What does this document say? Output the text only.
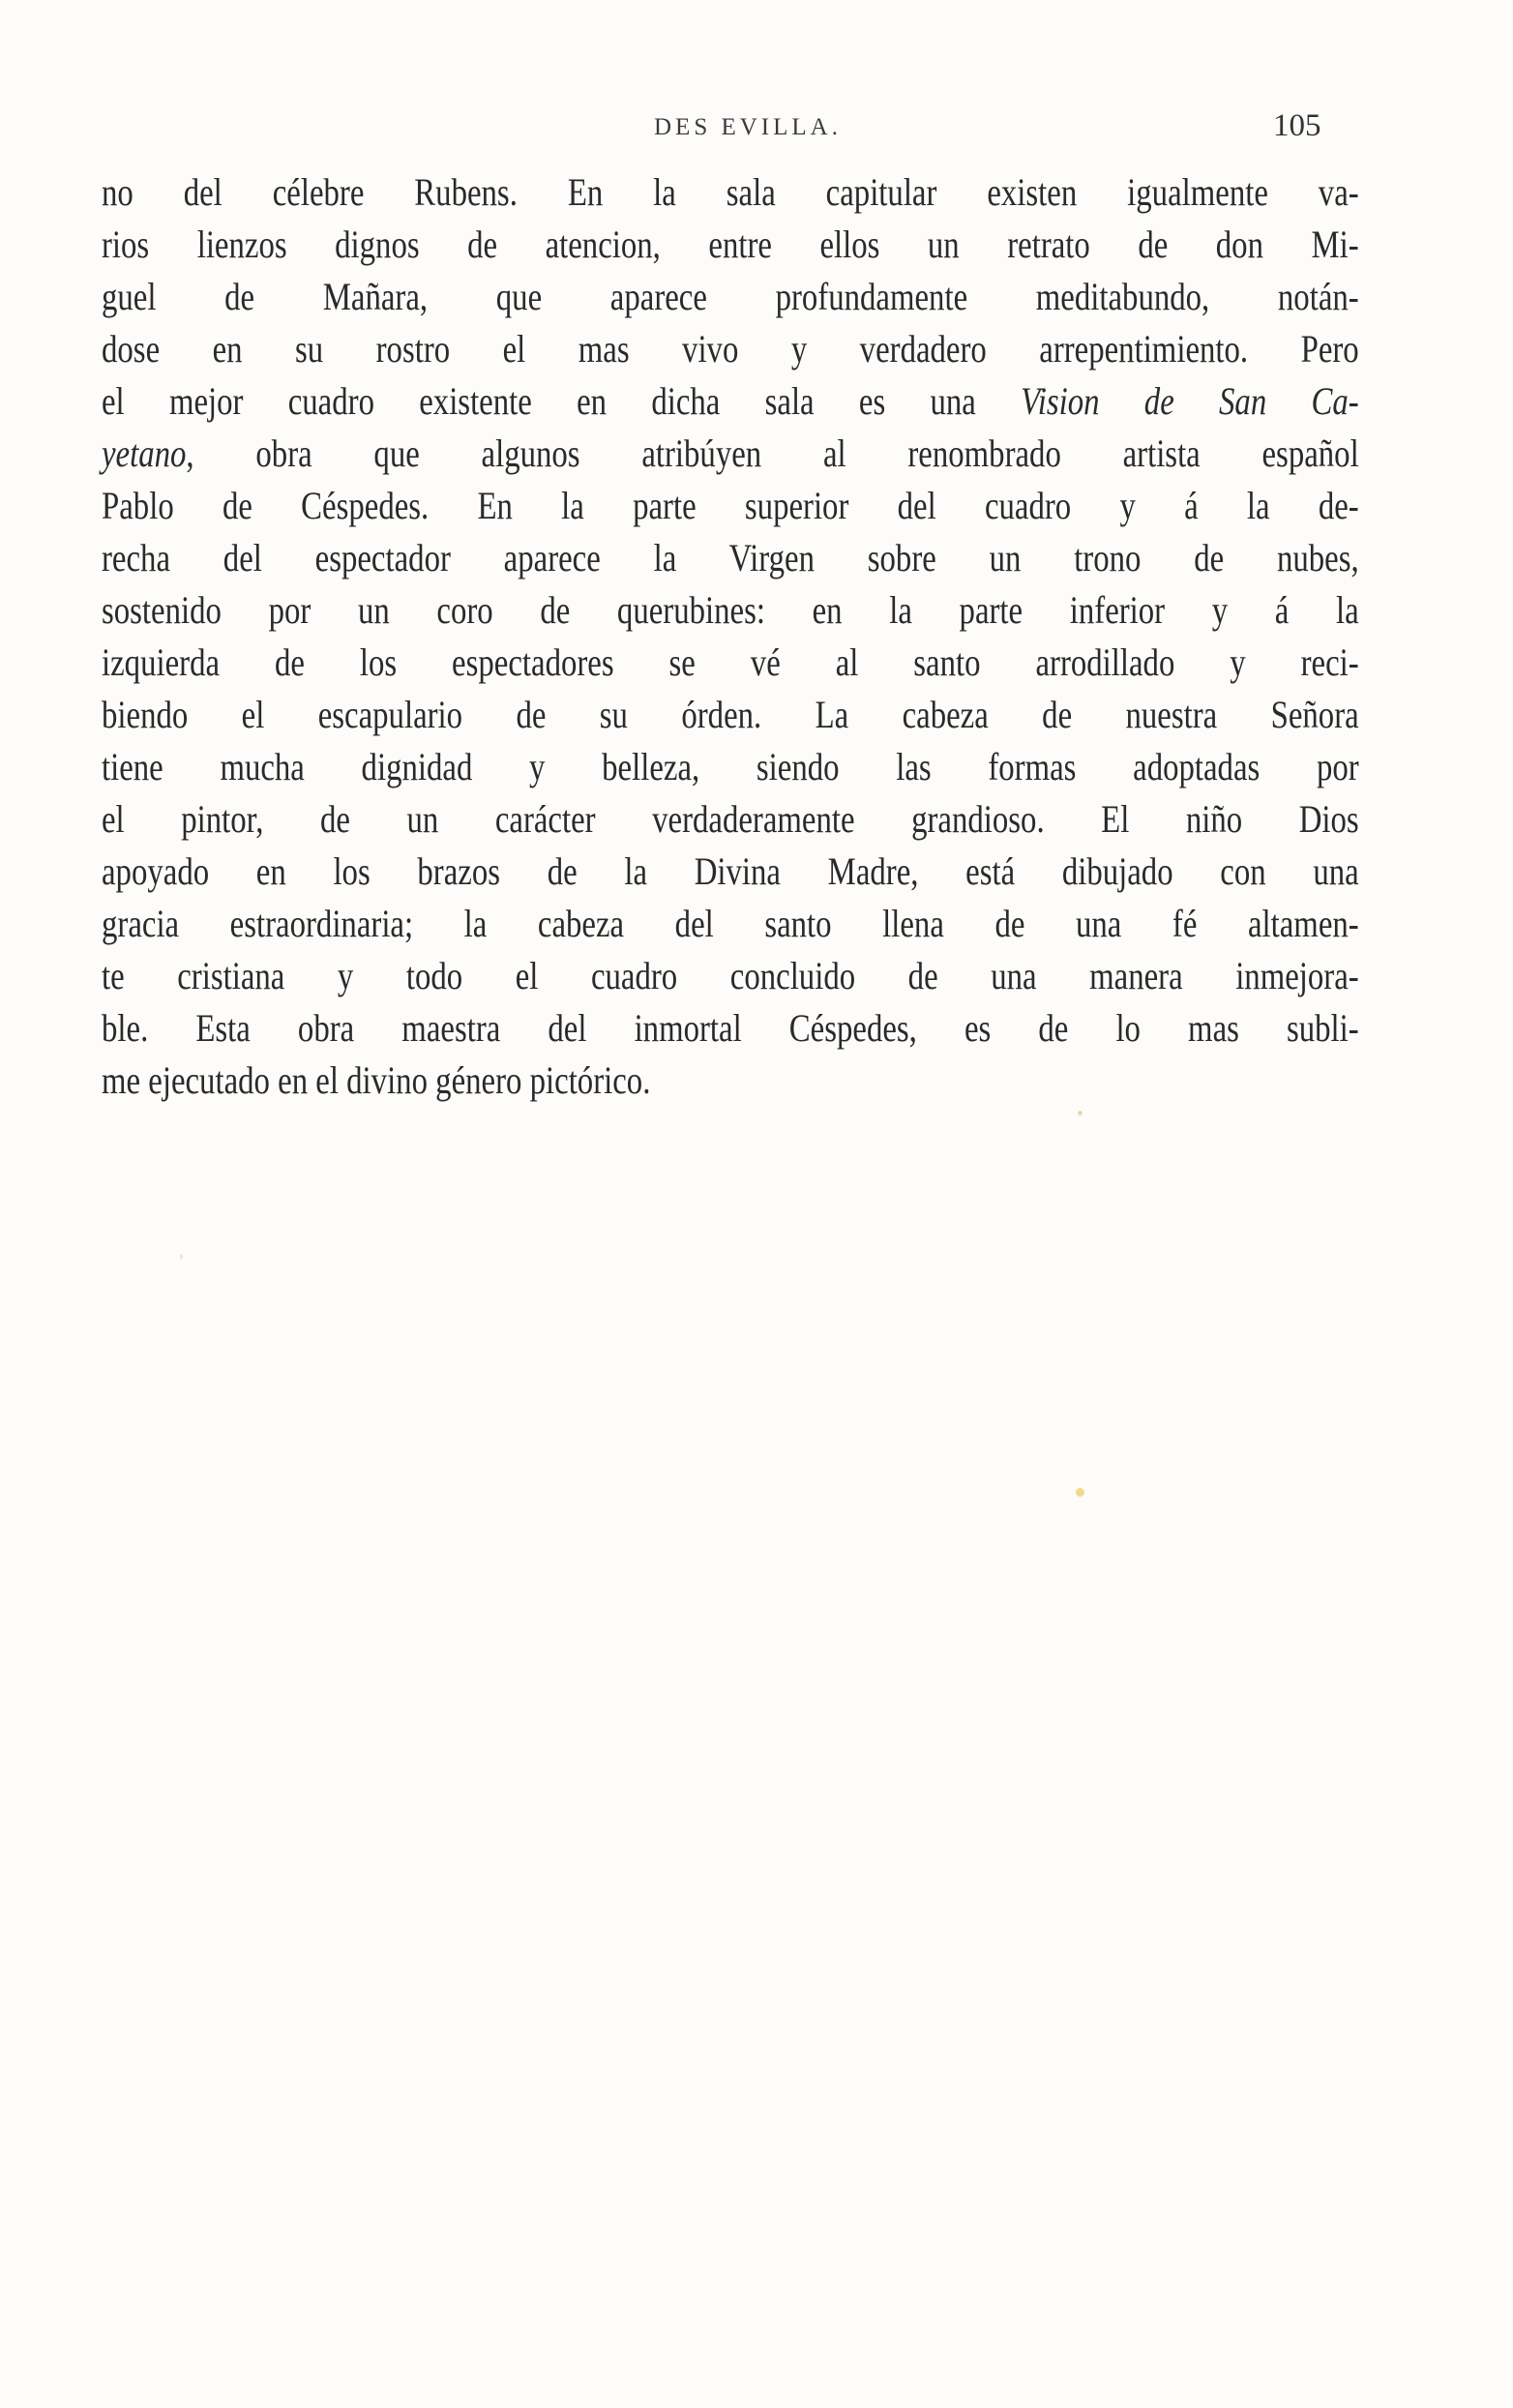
DES EVILLA.	105
no del célebre Rubens. En la sala capitular existen igualmente va-
rios lienzos dignos de atencion, entre ellos un retrato de don Mi-
guel de Mañara, que aparece profundamente meditabundo, notán-
dose en su rostro el mas vivo y verdadero arrepentimiento. Pero
el mejor cuadro existente en dicha sala es una Vision de San Ca-
yetano, obra que algunos atribúyen al renombrado artista español
Pablo de Céspedes. En la parte superior del cuadro y á la de-
recha del espectador aparece la Virgen sobre un trono de nubes,
sostenido por un coro de querubines: en la parte inferior y á la
izquierda de los espectadores se vé al santo arrodillado y reci-
biendo el escapulario de su órden. La cabeza de nuestra Señora
tiene mucha dignidad y belleza, siendo las formas adoptadas por
el pintor, de un carácter verdaderamente grandioso. El niño Dios
apoyado en los brazos de la Divina Madre, está dibujado con una
gracia estraordinaria; la cabeza del santo llena de una fé altamen-
te cristiana y todo el cuadro concluido de una manera inmejora-
ble. Esta obra maestra del inmortal Céspedes, es de lo mas subli-
me ejecutado en el divino género pictórico.
